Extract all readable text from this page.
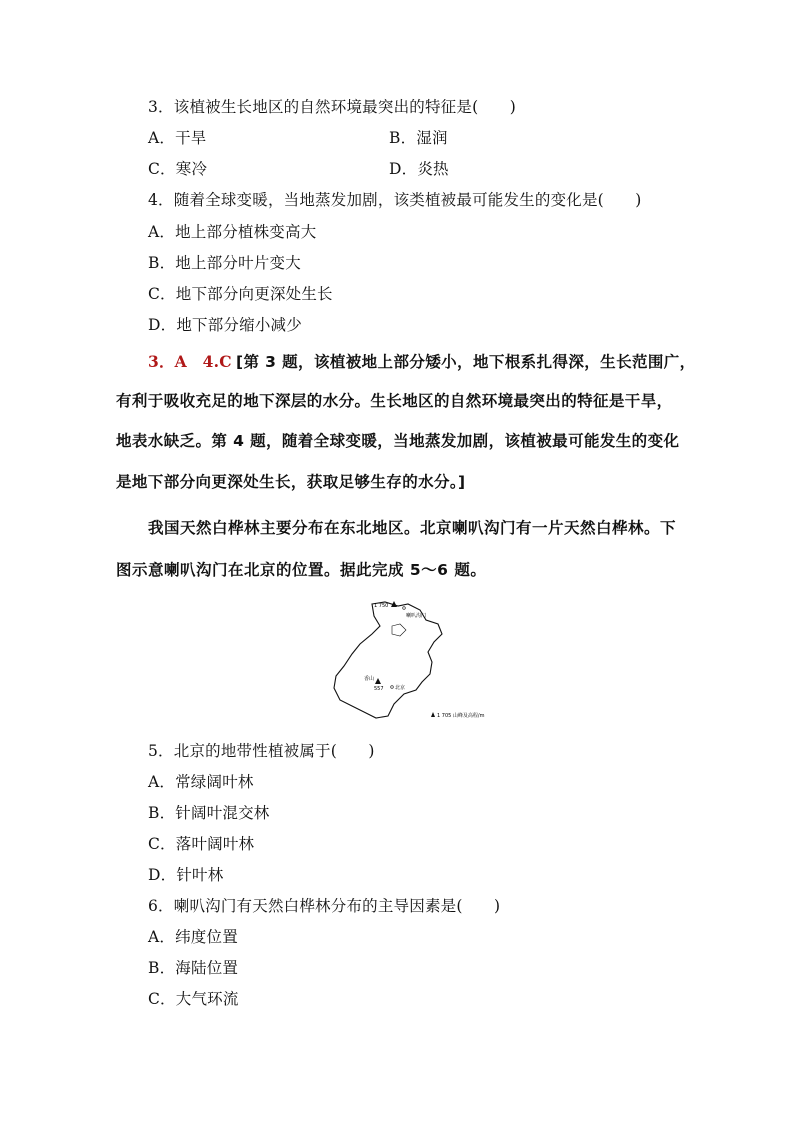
3．该植被生长地区的自然环境最突出的特征是(　　)
A．干旱	B．湿润
C．寒冷	D．炎热
4．随着全球变暖，当地蒸发加剧，该类植被最可能发生的变化是(　　)
A．地上部分植株变高大
B．地上部分叶片变大
C．地下部分向更深处生长
D．地下部分缩小减少
3．A　4.C [第 3 题，该植被地上部分矮小，地下根系扎得深，生长范围广，
有利于吸收充足的地下深层的水分。生长地区的自然环境最突出的特征是干旱，
地表水缺乏。第 4 题，随着全球变暖，当地蒸发加剧，该植被最可能发生的变化
是地下部分向更深处生长，获取足够生存的水分。]
我国天然白桦林主要分布在东北地区。北京喇叭沟门有一片天然白桦林。下
图示意喇叭沟门在北京的位置。据此完成 5～6 题。
1 750
喇叭沟门
香山
557 北京
1 705 山峰及高程/m
5．北京的地带性植被属于(　　)
A．常绿阔叶林
B．针阔叶混交林
C．落叶阔叶林
D．针叶林
6．喇叭沟门有天然白桦林分布的主导因素是(　　)
A．纬度位置
B．海陆位置
C．大气环流
